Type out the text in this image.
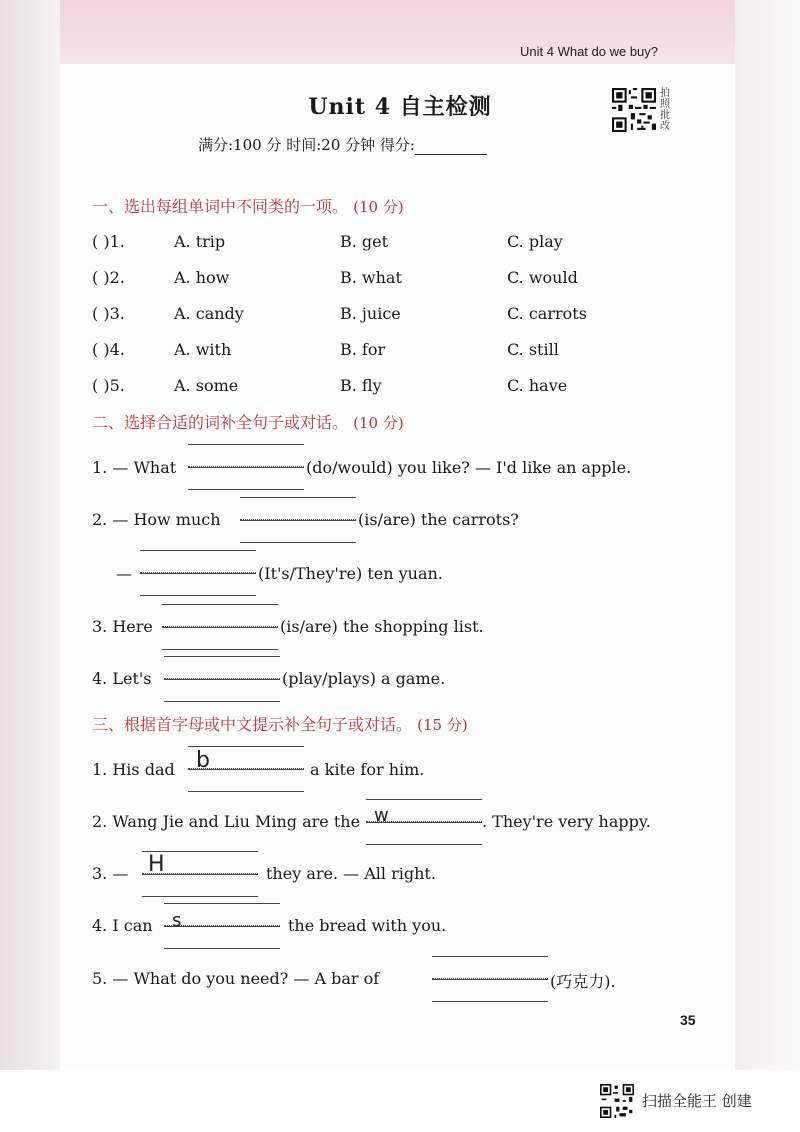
Unit 4 What do we buy?
Unit 4 自主检测
拍照批改
满分:100 分 时间:20 分钟 得分:
一、选出每组单词中不同类的一项。 (10 分)
( )1.	A. trip	B. get	C. play
( )2.	A. how	B. what	C. would
( )3.	A. candy	B. juice	C. carrots
( )4.	A. with	B. for	C. still
( )5.	A. some	B. fly	C. have
二、选择合适的词补全句子或对话。 (10 分)
1. — What	(do/would) you like? — I'd like an apple.
2. — How much	(is/are) the carrots?
—	(It's/They're) ten yuan.
3. Here	(is/are) the shopping list.
4. Let's	(play/plays) a game.
三、根据首字母或中文提示补全句子或对话。 (15 分)
b
1. His dad	a kite for him.
w
2. Wang Jie and Liu Ming are the	. They're very happy.
H
3. —	they are. — All right.
s
4. I can	the bread with you.
5. — What do you need? — A bar of	(巧克力).
35
扫描全能王 创建
